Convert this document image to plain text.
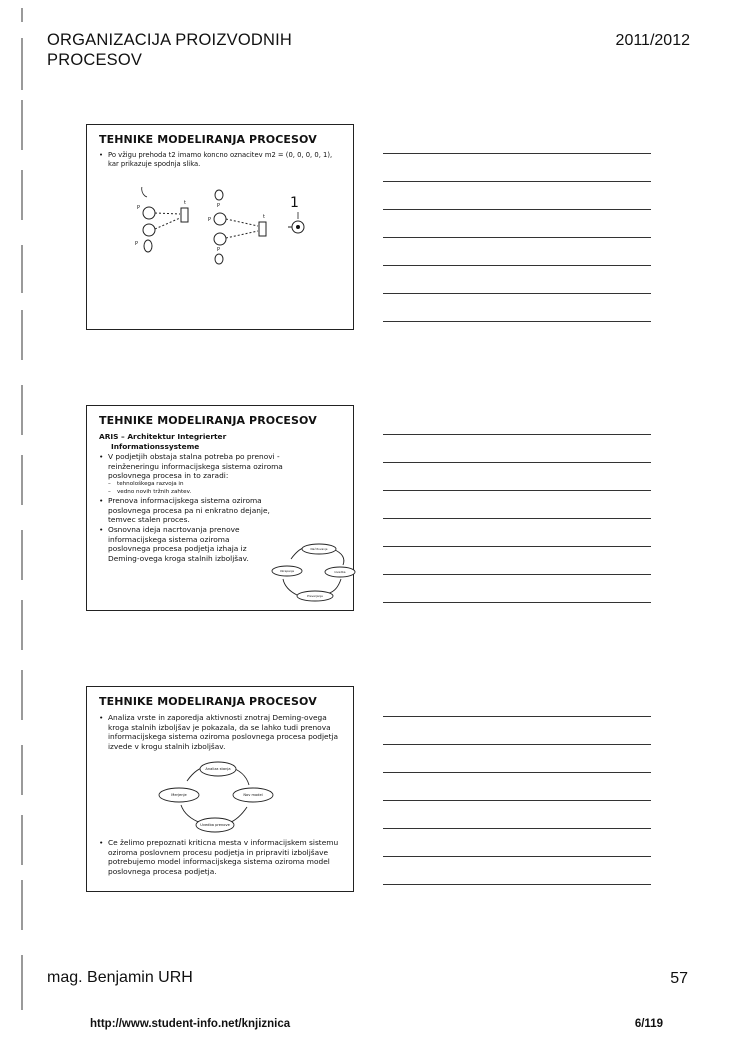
ORGANIZACIJA PROIZVODNIH
PROCESOV
2011/2012
TEHNIKE MODELIRANJA PROCESOV
• Po vžigu prehoda t2 imamo koncno oznacitev m2 = (0, 0, 0, 0, 1), kar prikazuje spodnja slika.
P
t
P
P
P	t
P
1
TEHNIKE MODELIRANJA PROCESOV
ARIS – Architektur Integrierter
Informationssysteme
• V podjetjih obstaja stalna potreba po prenovi - reinženeringu informacijskega sistema oziroma poslovnega procesa in to zaradi:
– tehnološkega razvoja in
– vedno novih tržnih zahtev.
• Prenova informacijskega sistema oziroma poslovnega procesa pa ni enkratno dejanje, temvec stalen proces.
• Osnovna ideja nacrtovanja prenove informacijskega sistema oziroma poslovnega procesa podjetja izhaja iz Deming-ovega kroga stalnih izboljšav.
Načrtovanje
Izvedba
Preverjanje
Ukrepanje
TEHNIKE MODELIRANJA PROCESOV
• Analiza vrste in zaporedja aktivnosti znotraj Deming-ovega kroga stalnih izboljšav je pokazala, da se lahko tudi prenova informacijskega sistema oziroma poslovnega procesa podjetja izvede v krogu stalnih izboljšav.
Analiza stanja
Nov model
Uvedba prenove
Merjenje
• Ce želimo prepoznati kriticna mesta v informacijskem sistemu oziroma poslovnem procesu podjetja in pripraviti izboljšave potrebujemo model informacijskega sistema oziroma model poslovnega procesa podjetja.
mag. Benjamin URH	57
http://www.student-info.net/knjiznica	6/119
